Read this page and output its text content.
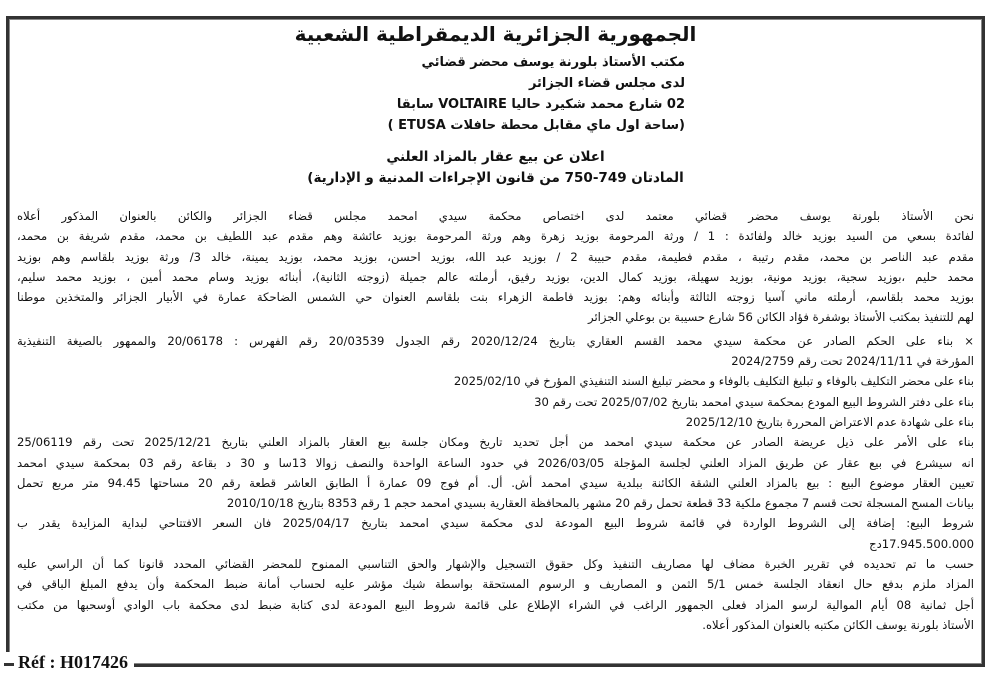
الجمهورية الجزائرية الديمقراطية الشعبية
مكتب الأستاذ بلورنة يوسف محضر قضائي
لدى مجلس قضاء الجزائر
02 شارع محمد شكيرد حاليا VOLTAIRE سابقا
(ساحة اول ماي مقابل محطة حافلات ETUSA )
اعلان عن بيع عقار بالمزاد العلني
المادتان 749-750 من قانون الإجراءات المدنية و الإدارية)
نحن الأستاذ بلورنة يوسف محضر قضائي معتمد لدى اختصاص محكمة سيدي امحمد مجلس قضاء الجزائر والكائن بالعنوان المذكور أعلاه
لفائدة بسعي من السيد بوزيد خالد ولفائدة : 1 / ورثة المرحومة بوزيد زهرة وهم ورثة المرحومة بوزيد عائشة وهم مقدم عبد اللطيف بن محمد، مقدم شريفة بن محمد،
مقدم عبد الناصر بن محمد، مقدم رتيبة ، مقدم فطيمة، مقدم حبيبة 2 / بوزيد عبد الله، بوزيد احسن، بوزيد محمد، بوزيد يمينة، خالد 3/ ورثة بوزيد بلقاسم وهم بوزيد
محمد حليم ،بوزيد سجية، بوزيد مونية، بوزيد سهيلة، بوزيد كمال الدين، بوزيد رفيق، أرملته عالم جميلة (زوجته الثانية)، أبنائه بوزيد وسام محمد أمين ، بوزيد محمد سليم،
بوزيد محمد بلقاسم، أرملته ماني آسيا زوجته الثالثة وأبنائه وهم: بوزيد فاطمة الزهراء بنت بلقاسم العنوان حي الشمس الضاحكة عمارة في الأبيار الجزائر والمتخذين موطنا
لهم للتنفيذ بمكتب الأستاذ بوشفرة فؤاد الكائن 56 شارع حسيبة بن بوعلي الجزائر
× بناء على الحكم الصادر عن محكمة سيدي محمد القسم العقاري بتاريخ 2020/12/24 رقم الجدول 20/03539 رقم الفهرس : 20/06178 والممهور بالصيغة التنفيذية
المؤرخة في 2024/11/11 تحت رقم 2024/2759
بناء على محضر التكليف بالوفاء و تبليغ التكليف بالوفاء و محضر تبليغ السند التنفيذي المؤرخ في 2025/02/10
بناء على دفتر الشروط البيع المودع بمحكمة سيدي امحمد بتاريخ 2025/07/02 تحت رقم 30
بناء على شهادة عدم الاعتراض المحررة بتاريخ 2025/12/10
بناء على الأمر على ذيل عريضة الصادر عن محكمة سيدي امحمد من أجل تحديد تاريخ ومكان جلسة بيع العقار بالمزاد العلني بتاريخ 2025/12/21 تحت رقم 25/06119
انه سيشرع في بيع عقار عن طريق المزاد العلني لجلسة المؤجلة 2026/03/05 في حدود الساعة الواحدة والنصف زوالا 13سا و 30 د بقاعة رقم 03 بمحكمة سيدي امحمد
تعيين العقار موضوع البيع : بيع بالمزاد العلني الشقة الكائنة ببلدية سيدي امحمد أش. أل. أم فوج 09 عمارة أ الطابق العاشر قطعة رقم 20 مساحتها 94.45 متر مربع تحمل
بيانات المسح المسجلة تحت قسم 7 مجموع ملكية 33 قطعة تحمل رقم 20 مشهر بالمحافظة العقارية بسيدي امحمد حجم 1 رقم 8353 بتاريخ 2010/10/18
شروط البيع: إضافة إلى الشروط الواردة في قائمة شروط البيع المودعة لدى محكمة سيدي امحمد بتاريخ 2025/04/17 فان السعر الافتتاحي لبداية المزايدة يقدر ب
17.945.500.000دج
حسب ما تم تحديده في تقرير الخبرة مضاف لها مصاريف التنفيذ وكل حقوق التسجيل والإشهار والحق التناسبي الممنوح للمحضر القضائي المحدد قانونا كما أن الراسي عليه
المزاد ملزم بدفع حال انعقاد الجلسة خمس 5/1 الثمن و المصاريف و الرسوم المستحقة بواسطة شيك مؤشر عليه لحساب أمانة ضبط المحكمة وأن يدفع المبلغ الباقي في
أجل ثمانية 08 أيام الموالية لرسو المزاد فعلى الجمهور الراغب في الشراء الإطلاع على قائمة شروط البيع المودعة لدى كتابة ضبط لدى محكمة باب الوادي أوسحبها من مكتب
الأستاذ بلورنة يوسف الكائن مكتبه بالعنوان المذكور أعلاه.
Réf : H017426
